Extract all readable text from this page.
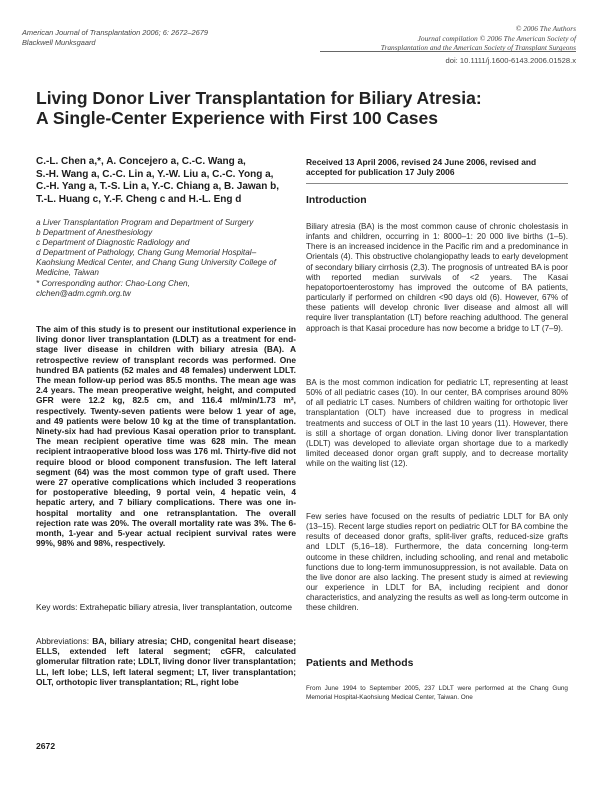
American Journal of Transplantation 2006; 6: 2672–2679
Blackwell Munksgaard
© 2006 The Authors
Journal compilation © 2006 The American Society of
Transplantation and the American Society of Transplant Surgeons
doi: 10.1111/j.1600-6143.2006.01528.x
Living Donor Liver Transplantation for Biliary Atresia:
A Single-Center Experience with First 100 Cases

C.-L. Chen a,*, A. Concejero a, C.-C. Wang a,

S.-H. Wang a, C.-C. Lin a, Y.-W. Liu a, C.-C. Yong a,

C.-H. Yang a, T.-S. Lin a, Y.-C. Chiang a, B. Jawan b,

T.-L. Huang c, Y.-F. Cheng c and H.-L. Eng d

a Liver Transplantation Program and Department of Surgery

b Department of Anesthesiology

c Department of Diagnostic Radiology and

d Department of Pathology, Chang Gung Memorial Hospital–Kaohsiung Medical Center, and Chang Gung University College of Medicine, Taiwan

* Corresponding author: Chao-Long Chen, clchen@adm.cgmh.org.tw

The aim of this study is to present our institutional experience in living donor liver transplantation (LDLT) as a treatment for end-stage liver disease in children with biliary atresia (BA). A retrospective review of transplant records was performed. One hundred BA patients (52 males and 48 females) underwent LDLT. The mean follow-up period was 85.5 months. The mean age was 2.4 years. The mean preoperative weight, height, and computed GFR were 12.2 kg, 82.5 cm, and 116.4 ml/min/1.73 m², respectively. Twenty-seven patients were below 1 year of age, and 49 patients were below 10 kg at the time of transplantation. Ninety-six had had previous Kasai operation prior to transplant. The mean recipient operative time was 628 min. The mean recipient intraoperative blood loss was 176 ml. Thirty-five did not require blood or blood component transfusion. The left lateral segment (64) was the most common type of graft used. There were 27 operative complications which included 3 reoperations for postoperative bleeding, 9 portal vein, 4 hepatic vein, 4 hepatic artery, and 7 biliary complications. There was one in-hospital mortality and one retransplantation. The overall rejection rate was 20%. The overall mortality rate was 3%. The 6-month, 1-year and 5-year actual recipient survival rates were 99%, 98% and 98%, respectively.
Key words: Extrahepatic biliary atresia, liver transplantation, outcome
Abbreviations: BA, biliary atresia; CHD, congenital heart disease; ELLS, extended left lateral segment; cGFR, calculated glomerular filtration rate; LDLT, living donor liver transplantation; LL, left lobe; LLS, left lateral segment; LT, liver transplantation; OLT, orthotopic liver transplantation; RL, right lobe
2672
Received 13 April 2006, revised 24 June 2006, revised and accepted for publication 17 July 2006
Introduction
Biliary atresia (BA) is the most common cause of chronic cholestasis in infants and children, occurring in 1: 8000–1: 20 000 live births (1–5). There is an increased incidence in the Pacific rim and a predominance in Orientals (4). This obstructive cholangiopathy leads to early development of secondary biliary cirrhosis (2,3). The prognosis of untreated BA is poor with reported median survivals of <2 years. The Kasai hepatoportoenterostomy has improved the outcome of BA patients, particularly if performed on children <90 days old (6). However, 67% of these patients will develop chronic liver disease and almost all will require liver transplantation (LT) before reaching adulthood. The general approach is that Kasai procedure has now become a bridge to LT (7–9).
BA is the most common indication for pediatric LT, representing at least 50% of all pediatric cases (10). In our center, BA comprises around 80% of all pediatric LT cases. Numbers of children waiting for orthotopic liver transplantation (OLT) have increased due to progress in medical treatments and success of OLT in the last 10 years (11). However, there is still a shortage of organ donation. Living donor liver transplantation (LDLT) was developed to alleviate organ shortage due to a markedly limited deceased donor organ graft supply, and to decrease mortality while on the waiting list (12).
Few series have focused on the results of pediatric LDLT for BA only (13–15). Recent large studies report on pediatric OLT for BA combine the results of deceased donor grafts, split-liver grafts, reduced-size grafts and LDLT (5,16–18). Furthermore, the data concerning long-term outcome in these children, including schooling, and renal and metabolic functions due to long-term immunosuppression, is not available. Data on the live donor are also lacking. The present study is aimed at reviewing our experience in LDLT for BA, including recipient and donor characteristics, and analyzing the results as well as long-term outcome in these children.
Patients and Methods
From June 1994 to September 2005, 237 LDLT were performed at the Chang Gung Memorial Hospital-Kaohsiung Medical Center, Taiwan. One
